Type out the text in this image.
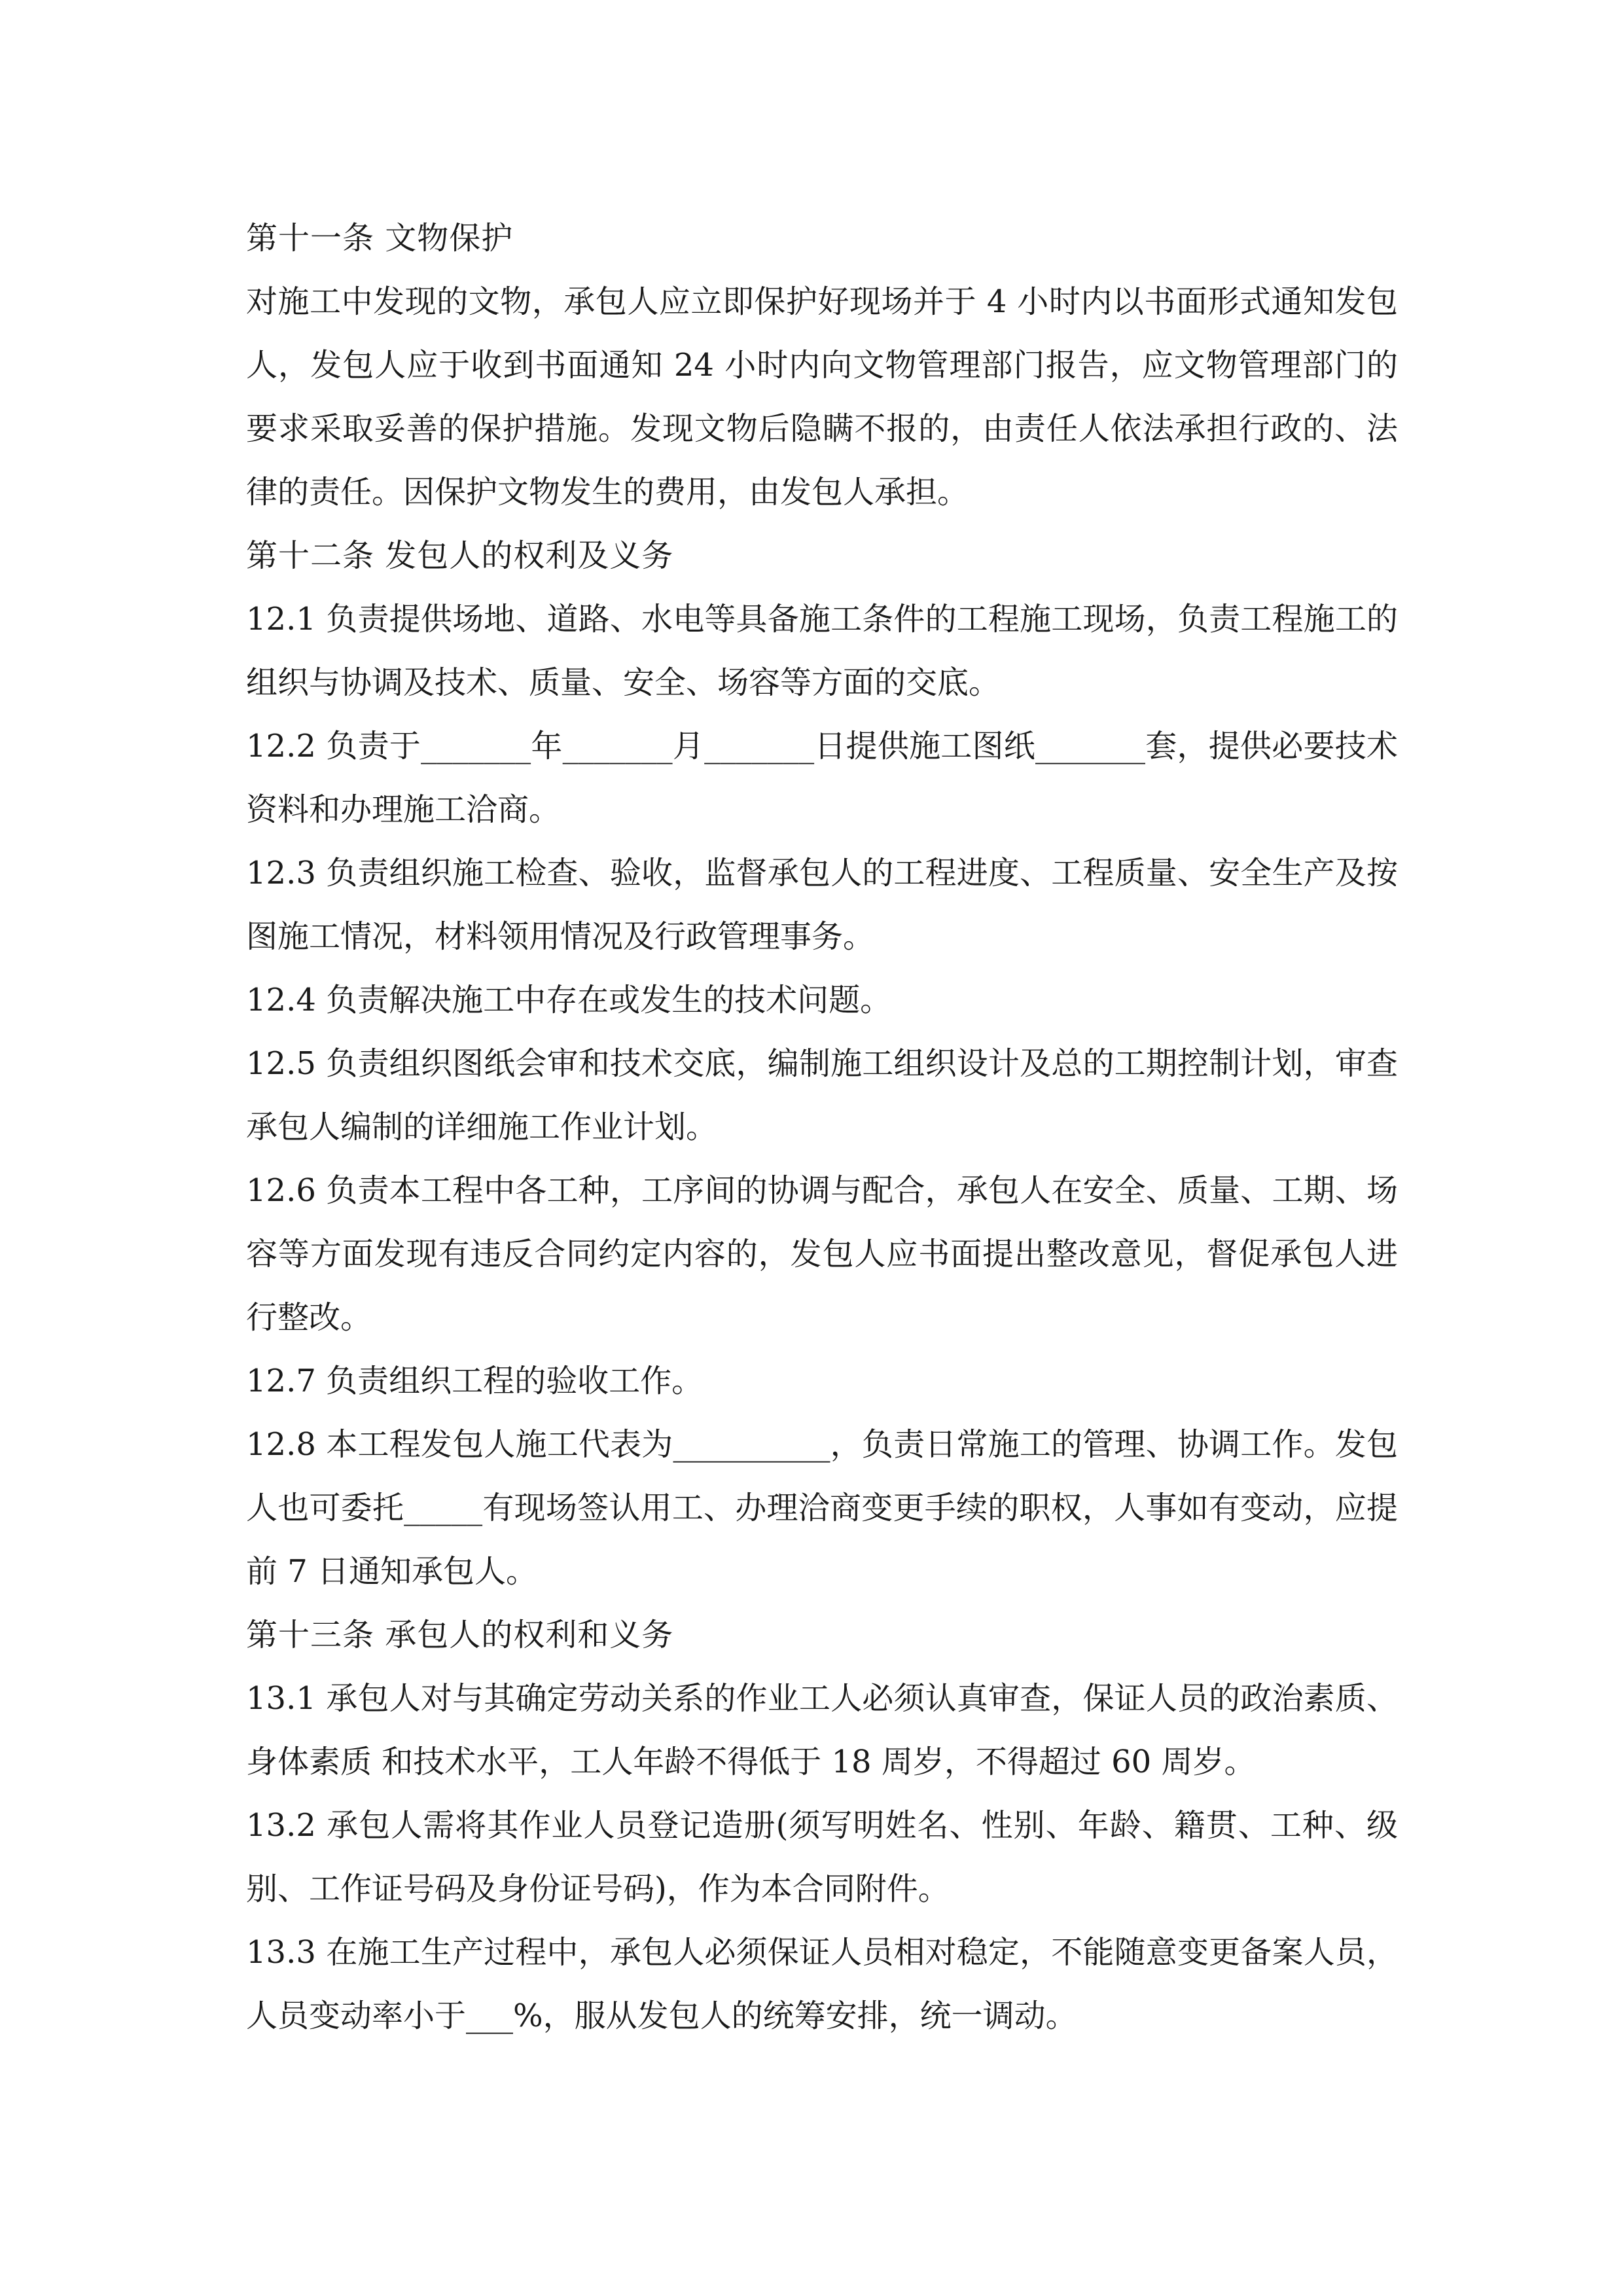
第十一条 文物保护

对施工中发现的文物，承包人应立即保护好现场并于 4 小时内以书面形式通知发包人，发包人应于收到书面通知 24 小时内向文物管理部门报告，应文物管理部门的要求采取妥善的保护措施。发现文物后隐瞒不报的，由责任人依法承担行政的、法律的责任。因保护文物发生的费用，由发包人承担。

第十二条 发包人的权利及义务

12.1 负责提供场地、道路、水电等具备施工条件的工程施工现场，负责工程施工的组织与协调及技术、质量、安全、场容等方面的交底。

12.2 负责于_______年_______月_______日提供施工图纸_______套，提供必要技术资料和办理施工洽商。

12.3 负责组织施工检查、验收，监督承包人的工程进度、工程质量、安全生产及按图施工情况，材料领用情况及行政管理事务。

12.4 负责解决施工中存在或发生的技术问题。

12.5 负责组织图纸会审和技术交底，编制施工组织设计及总的工期控制计划，审查承包人编制的详细施工作业计划。

12.6 负责本工程中各工种，工序间的协调与配合，承包人在安全、质量、工期、场容等方面发现有违反合同约定内容的，发包人应书面提出整改意见，督促承包人进行整改。

12.7 负责组织工程的验收工作。

12.8 本工程发包人施工代表为__________，负责日常施工的管理、协调工作。发包人也可委托_____有现场签认用工、办理洽商变更手续的职权，人事如有变动，应提前 7 日通知承包人。

第十三条 承包人的权利和义务

13.1 承包人对与其确定劳动关系的作业工人必须认真审查，保证人员的政治素质、身体素质 和技术水平，工人年龄不得低于 18 周岁，不得超过 60 周岁。

13.2 承包人需将其作业人员登记造册(须写明姓名、性别、年龄、籍贯、工种、级别、工作证号码及身份证号码)，作为本合同附件。

13.3 在施工生产过程中，承包人必须保证人员相对稳定，不能随意变更备案人员，人员变动率小于___%，服从发包人的统筹安排，统一调动。
